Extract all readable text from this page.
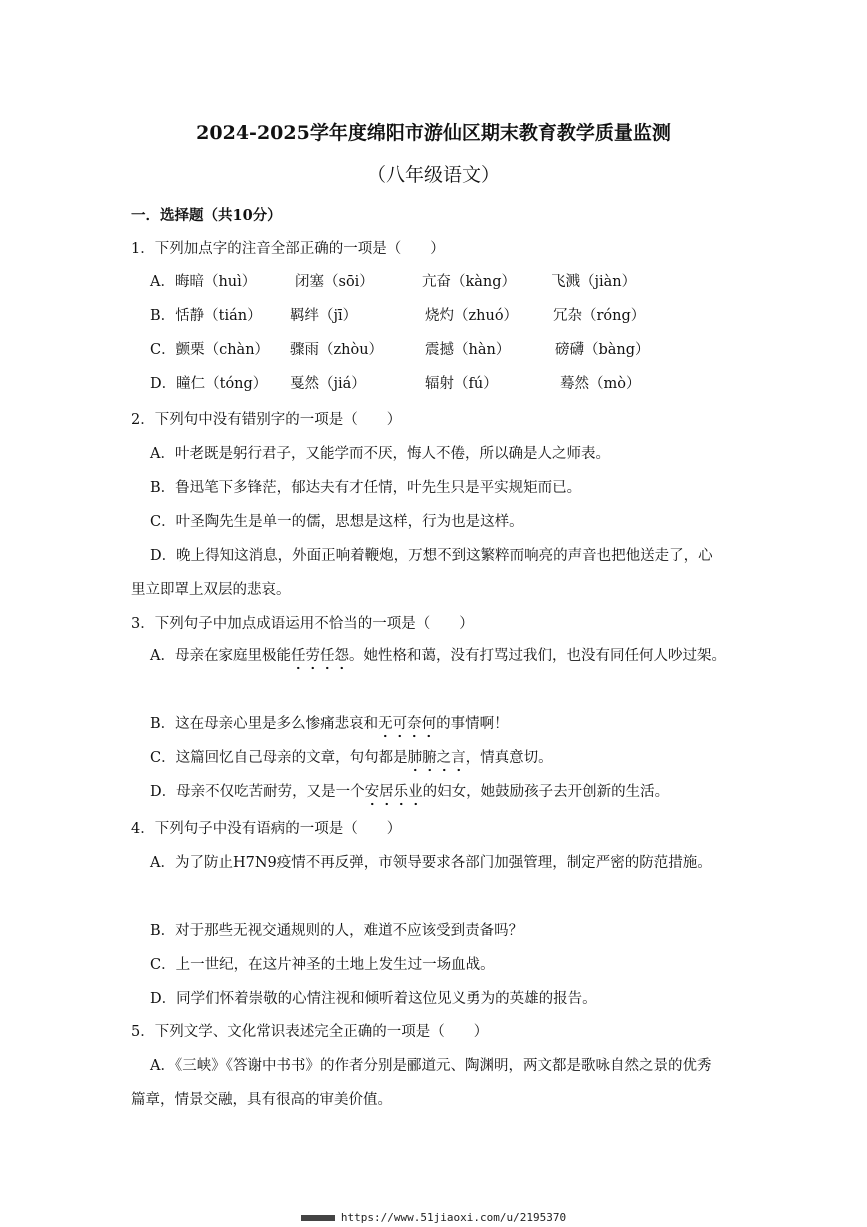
2024-2025学年度绵阳市游仙区期末教育教学质量监测
（八年级语文）
一．选择题（共10分）
1．下列加点字的注音全部正确的一项是（　　）
A．晦暗（huì）	闭塞（sōi）	亢奋（kàng） 飞溅（jiàn）
B．恬静（tián） 羁绊（jī）	烧灼（zhuó） 冗杂（róng）
C．颤栗（chàn） 骤雨（zhòu）	震撼（hàn）	磅礴（bàng）
D．瞳仁（tóng） 戛然（jiá）	辐射（fú）	蓦然（mò）
2．下列句中没有错别字的一项是（　　）
A．叶老既是躬行君子，又能学而不厌，悔人不倦，所以确是人之师表。
B．鲁迅笔下多锋茫，郁达夫有才任情，叶先生只是平实规矩而已。
C．叶圣陶先生是单一的儒，思想是这样，行为也是这样。
D．晚上得知这消息，外面正响着鞭炮，万想不到这繁粹而响亮的声音也把他送走了，心
里立即罩上双层的悲哀。
3．下列句子中加点成语运用不恰当的一项是（　　）
A．母亲在家庭里极能任劳任怨。她性格和蔼，没有打骂过我们，也没有同任何人吵过架。
B．这在母亲心里是多么惨痛悲哀和无可奈何的事情啊！
C．这篇回忆自己母亲的文章，句句都是肺腑之言，情真意切。
D．母亲不仅吃苦耐劳，又是一个安居乐业的妇女，她鼓励孩子去开创新的生活。
4．下列句子中没有语病的一项是（　　）
A．为了防止H7N9疫情不再反弹，市领导要求各部门加强管理，制定严密的防范措施。
B．对于那些无视交通规则的人，难道不应该受到责备吗？
C．上一世纪，在这片神圣的土地上发生过一场血战。
D．同学们怀着崇敬的心情注视和倾听着这位见义勇为的英雄的报告。
5．下列文学、文化常识表述完全正确的一项是（　　）
A．《三峡》《答谢中书书》的作者分别是郦道元、陶渊明，两文都是歌咏自然之景的优秀
篇章，情景交融，具有很高的审美价值。
https://www.51jiaoxi.com/u/2195370
